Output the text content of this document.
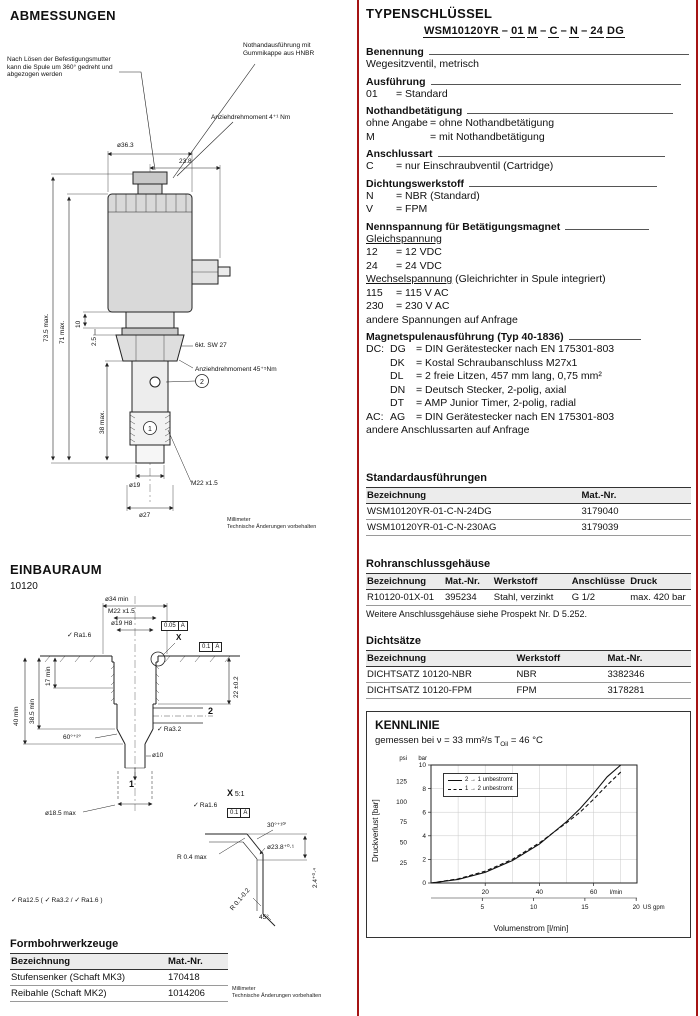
ABMESSUNGEN
2
1
Nach Lösen der Befestigungsmutter kann die Spule um 360° gedreht und abgezogen werden
Nothandausführung mit Gummikappe aus HNBR
Anziehdrehmoment 4⁺¹ Nm
ø36.3
23.8
73.5 max. 71 max. 10
2.5
38 max.
6kt. SW 27
Anziehdrehmoment 45⁺⁵Nm
ø19	M22 x1.5
ø27
Millimeter
Technische Änderungen vorbehalten
EINBAURAUM
10120
ø34 min
M22 x1.5
ø19 H8	0.05 A
✓ Ra1.6
0.1 A
X
40 min 38.5 min
17 min
22 ±0.2
60°⁺²°
ø10
✓ Ra3.2
2
1
ø18.5 max
X 5:1
✓ Ra1.6
0.1 A
30°⁺¹⁰′
ø23.8⁺⁰·¹
R 0.4 max
2.4⁺⁰·⁴
R 0.1-0.2
45°
✓ Ra12.5 ( ✓ Ra3.2 / ✓ Ra1.6 )
Formbohrwerkzeuge
Bezeichnung	Mat.-Nr.
Stufensenker (Schaft MK3)	170418
Reibahle (Schaft MK2)	1014206	Millimeter
Technische Änderungen vorbehalten
TYPENSCHLÜSSEL
WSM10120YR – 01 M – C – N – 24 DG
Benennung
Wegesitzventil, metrisch
Ausführung
01 = Standard
Nothandbetätigung
ohne Angabe = ohne Nothandbetätigung
M	= mit Nothandbetätigung
Anschlussart
C = nur Einschraubventil (Cartridge)
Dichtungswerkstoff
N = NBR (Standard)
V = FPM
Nennspannung für Betätigungsmagnet
Gleichspannung
12 = 12 VDC
24 = 24 VDC
Wechselspannung (Gleichrichter in Spule integriert)
115 = 115 V AC
230 = 230 V AC
andere Spannungen auf Anfrage
Magnetspulenausführung (Typ 40-1836)
DC: DG = DIN Gerätestecker nach EN 175301-803
DK = Kostal Schraubanschluss M27x1
DL = 2 freie Litzen, 457 mm lang, 0,75 mm²
DN = Deutsch Stecker, 2-polig, axial
DT = AMP Junior Timer, 2-polig, radial
AC: AG = DIN Gerätestecker nach EN 175301-803
andere Anschlussarten auf Anfrage
Standardausführungen
Bezeichnung	Mat.-Nr.
WSM10120YR-01-C-N-24DG	3179040
WSM10120YR-01-C-N-230AG	3179039
Rohranschlussgehäuse
Bezeichnung	Mat.-Nr.	Werkstoff	Anschlüsse	Druck
R10120-01X-01	395234	Stahl, verzinkt	G 1/2	max. 420 bar
Weitere Anschlussgehäuse siehe Prospekt Nr. D 5.252.
Dichtsätze
Bezeichnung	Werkstoff	Mat.-Nr.
DICHTSATZ 10120-NBR	NBR	3382346
DICHTSATZ 10120-FPM	FPM	3178281
KENNLINIE
gemessen bei ν = 33 mm²/s $T_{Oil} = 46$ °C
Druckverlust [bar]
0
2
4
6
8
10
25
50
75
100
125
20	40	60 l/min
5	10	15	20 US gpm
psi bar
2 → 1 unbestromt
1 → 2 unbestromt
Volumenstrom [l/min]
